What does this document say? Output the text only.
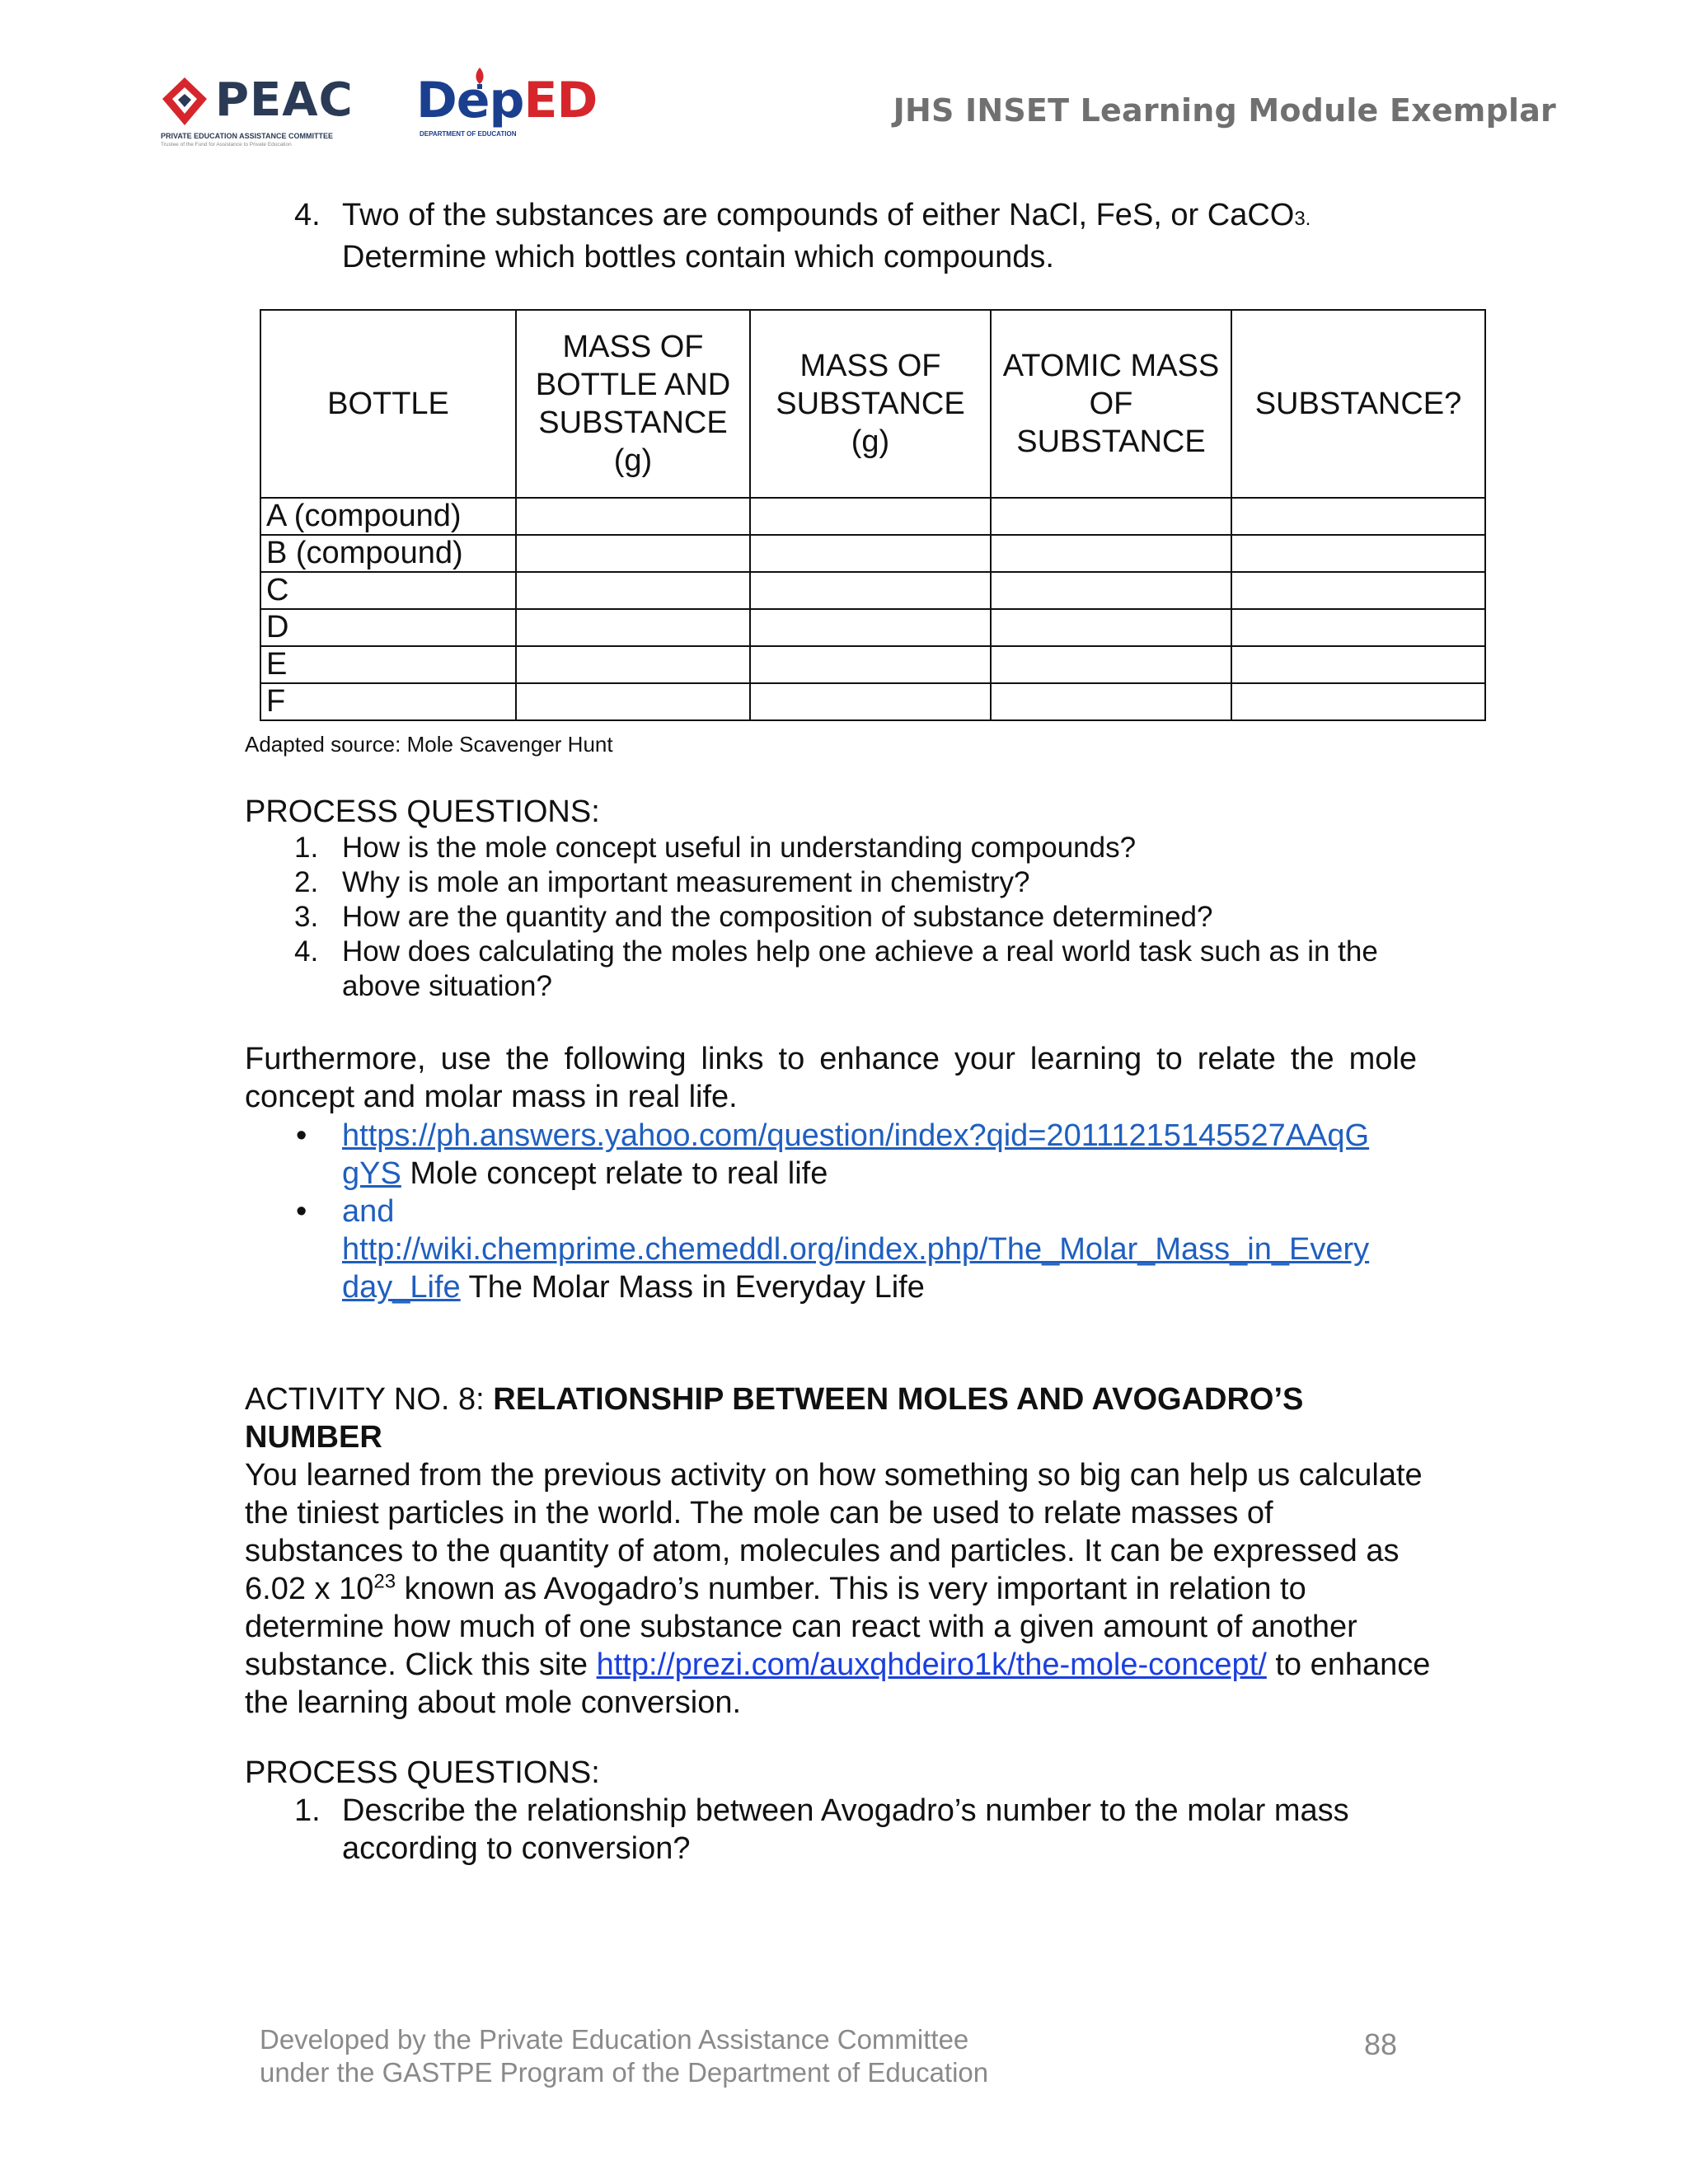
PEAC
PRIVATE EDUCATION ASSISTANCE COMMITTEE
Trustee of the Fund for Assistance to Private Education
DepED
DEPARTMENT OF EDUCATION
JHS INSET Learning Module Exemplar
4. Two of the substances are compounds of either NaCl, FeS, or CaCO3.
Determine which bottles contain which compounds.
BOTTLE	MASS OF BOTTLE AND SUBSTANCE (g)	MASS OF SUBSTANCE (g)	ATOMIC MASS OF SUBSTANCE	SUBSTANCE?
A (compound)				
B (compound)				
C				
D				
E				
F				
Adapted source: Mole Scavenger Hunt
PROCESS QUESTIONS:
1. How is the mole concept useful in understanding compounds?
2. Why is mole an important measurement in chemistry?
3. How are the quantity and the composition of substance determined?
4. How does calculating the moles help one achieve a real world task such as in the above situation?
Furthermore, use the following links to enhance your learning to relate the mole concept and molar mass in real life.
• https://ph.answers.yahoo.com/question/index?qid=20111215145527AAqG
gYS Mole concept relate to real life
• and
http://wiki.chemprime.chemeddl.org/index.php/The_Molar_Mass_in_Every
day_Life The Molar Mass in Everyday Life
ACTIVITY NO. 8: RELATIONSHIP BETWEEN MOLES AND AVOGADRO’S
NUMBER
You learned from the previous activity on how something so big can help us calculate the tiniest particles in the world. The mole can be used to relate masses of substances to the quantity of atom, molecules and particles. It can be expressed as 6.02 x $10^{23}$ known as Avogadro’s number. This is very important in relation to determine how much of one substance can react with a given amount of another substance. Click this site http://prezi.com/auxqhdeiro1k/the-mole-concept/ to enhance the learning about mole conversion.
PROCESS QUESTIONS:
1. Describe the relationship between Avogadro’s number to the molar mass according to conversion?
Developed by the Private Education Assistance Committee
under the GASTPE Program of the Department of Education
88
